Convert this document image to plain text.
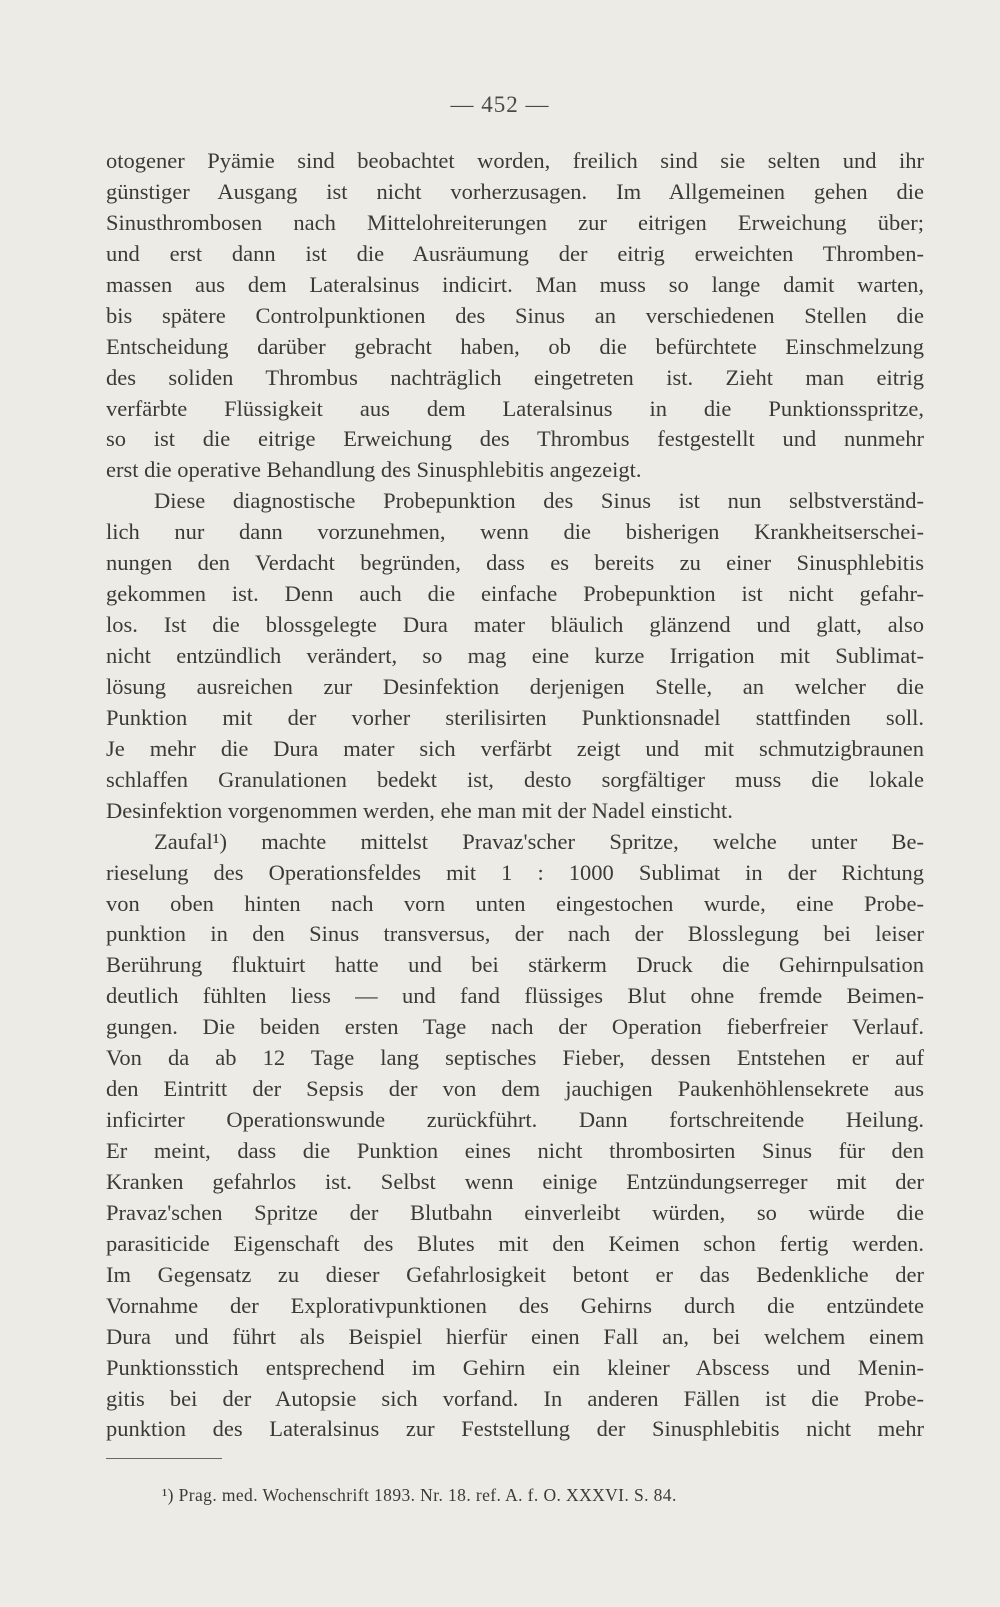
— 452 —
otogener Pyämie sind beobachtet worden, freilich sind sie selten und ihr
günstiger Ausgang ist nicht vorherzusagen. Im Allgemeinen gehen die
Sinusthrombosen nach Mittelohreiterungen zur eitrigen Erweichung über;
und erst dann ist die Ausräumung der eitrig erweichten Thromben-
massen aus dem Lateralsinus indicirt. Man muss so lange damit warten,
bis spätere Controlpunktionen des Sinus an verschiedenen Stellen die
Entscheidung darüber gebracht haben, ob die befürchtete Einschmelzung
des soliden Thrombus nachträglich eingetreten ist. Zieht man eitrig
verfärbte Flüssigkeit aus dem Lateralsinus in die Punktionsspritze,
so ist die eitrige Erweichung des Thrombus festgestellt und nunmehr
erst die operative Behandlung des Sinusphlebitis angezeigt.
Diese diagnostische Probepunktion des Sinus ist nun selbstverständ-
lich nur dann vorzunehmen, wenn die bisherigen Krankheitserschei-
nungen den Verdacht begründen, dass es bereits zu einer Sinusphlebitis
gekommen ist. Denn auch die einfache Probepunktion ist nicht gefahr-
los. Ist die blossgelegte Dura mater bläulich glänzend und glatt, also
nicht entzündlich verändert, so mag eine kurze Irrigation mit Sublimat-
lösung ausreichen zur Desinfektion derjenigen Stelle, an welcher die
Punktion mit der vorher sterilisirten Punktionsnadel stattfinden soll.
Je mehr die Dura mater sich verfärbt zeigt und mit schmutzigbraunen
schlaffen Granulationen bedekt ist, desto sorgfältiger muss die lokale
Desinfektion vorgenommen werden, ehe man mit der Nadel einsticht.
Zaufal¹) machte mittelst Pravaz'scher Spritze, welche unter Be-
rieselung des Operationsfeldes mit 1 : 1000 Sublimat in der Richtung
von oben hinten nach vorn unten eingestochen wurde, eine Probe-
punktion in den Sinus transversus, der nach der Blosslegung bei leiser
Berührung fluktuirt hatte und bei stärkerm Druck die Gehirnpulsation
deutlich fühlten liess — und fand flüssiges Blut ohne fremde Beimen-
gungen. Die beiden ersten Tage nach der Operation fieberfreier Verlauf.
Von da ab 12 Tage lang septisches Fieber, dessen Entstehen er auf
den Eintritt der Sepsis der von dem jauchigen Paukenhöhlensekrete aus
inficirter Operationswunde zurückführt. Dann fortschreitende Heilung.
Er meint, dass die Punktion eines nicht thrombosirten Sinus für den
Kranken gefahrlos ist. Selbst wenn einige Entzündungserreger mit der
Pravaz'schen Spritze der Blutbahn einverleibt würden, so würde die
parasiticide Eigenschaft des Blutes mit den Keimen schon fertig werden.
Im Gegensatz zu dieser Gefahrlosigkeit betont er das Bedenkliche der
Vornahme der Explorativpunktionen des Gehirns durch die entzündete
Dura und führt als Beispiel hierfür einen Fall an, bei welchem einem
Punktionsstich entsprechend im Gehirn ein kleiner Abscess und Menin-
gitis bei der Autopsie sich vorfand. In anderen Fällen ist die Probe-
punktion des Lateralsinus zur Feststellung der Sinusphlebitis nicht mehr
¹) Prag. med. Wochenschrift 1893. Nr. 18. ref. A. f. O. XXXVI. S. 84.
